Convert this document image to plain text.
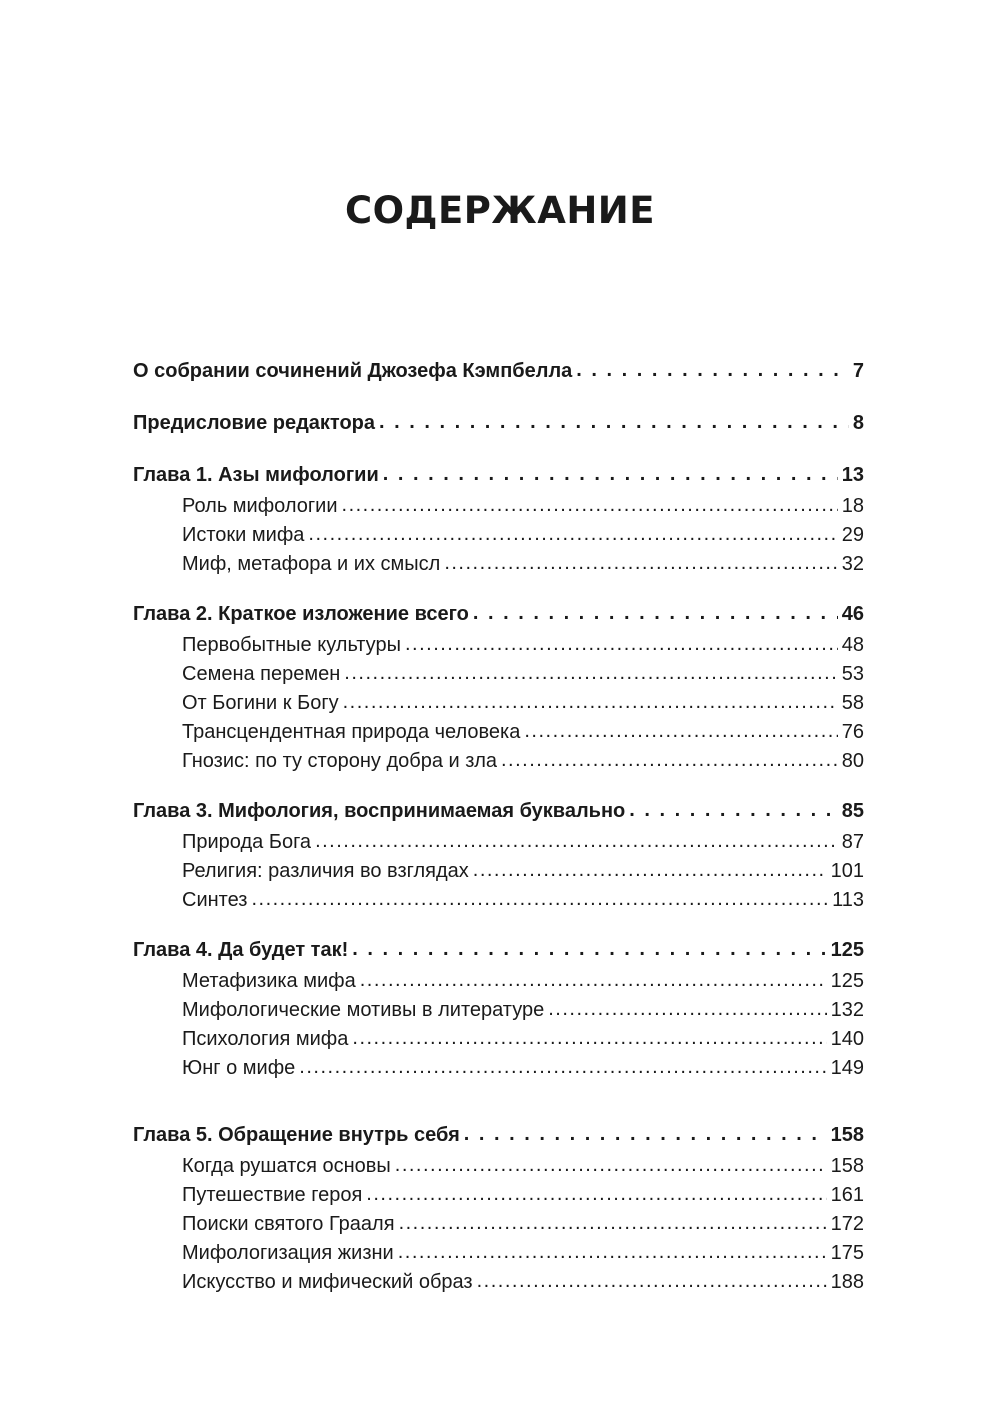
СОДЕРЖАНИЕ
О собрании сочинений Джозефа Кэмпбелла . . .	7
Предисловие редактора . . .	8
Глава 1. Азы мифологии . . .	13
Роль мифологии .....	18
Истоки мифа .....	29
Миф, метафора и их смысл .....	32
Глава 2. Краткое изложение всего . . .	46
Первобытные культуры .....	48
Семена перемен .....	53
От Богини к Богу .....	58
Трансцендентная природа человека .....	76
Гнозис: по ту сторону добра и зла .....	80
Глава 3. Мифология, воспринимаемая буквально . . .	85
Природа Бога .....	87
Религия: различия во взглядах .....	101
Синтез .....	113
Глава 4. Да будет так! . . .	125
Метафизика мифа .....	125
Мифологические мотивы в литературе .....	132
Психология мифа .....	140
Юнг о мифе .....	149
Глава 5. Обращение внутрь себя . . .	158
Когда рушатся основы .....	158
Путешествие героя .....	161
Поиски святого Грааля .....	172
Мифологизация жизни .....	175
Искусство и мифический образ .....	188
